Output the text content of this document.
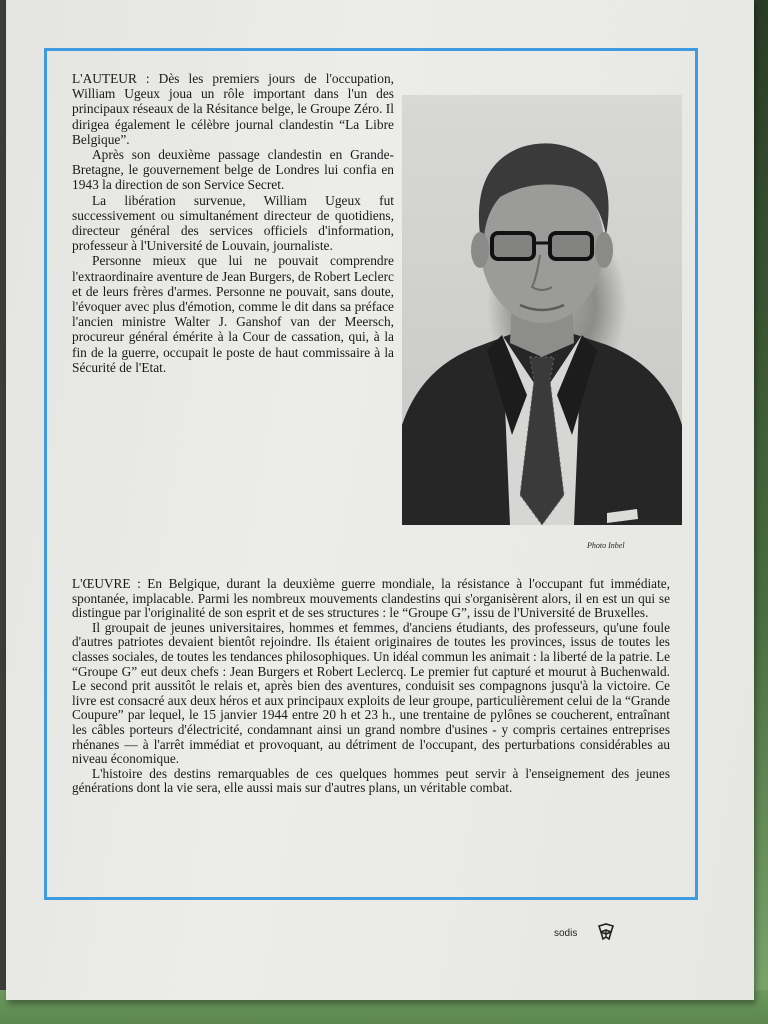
L'AUTEUR : Dès les premiers jours de l'occupation, William Ugeux joua un rôle important dans l'un des principaux réseaux de la Résitance belge, le Groupe Zéro. Il dirigea également le célèbre journal clandestin “La Libre Belgique”.

Après son deuxième passage clandestin en Grande-Bretagne, le gouvernement belge de Londres lui confia en 1943 la direction de son Service Secret.

La libération survenue, William Ugeux fut successivement ou simultanément directeur de quotidiens, directeur général des services officiels d'information, professeur à l'Université de Louvain, journaliste.

Personne mieux que lui ne pouvait comprendre l'extraordinaire aventure de Jean Burgers, de Robert Leclerc et de leurs frères d'armes. Personne ne pouvait, sans doute, l'évoquer avec plus d'émotion, comme le dit dans sa préface l'ancien ministre Walter J. Ganshof van der Meersch, procureur général émérite à la Cour de cassation, qui, à la fin de la guerre, occupait le poste de haut commissaire à la Sécurité de l'Etat.

Photo Inbel

L'ŒUVRE : En Belgique, durant la deuxième guerre mondiale, la résistance à l'occupant fut immédiate, spontanée, implacable. Parmi les nombreux mouvements clandestins qui s'organisèrent alors, il en est un qui se distingue par l'originalité de son esprit et de ses structures : le “Groupe G”, issu de l'Université de Bruxelles.

Il groupait de jeunes universitaires, hommes et femmes, d'anciens étudiants, des professeurs, qu'une foule d'autres patriotes devaient bientôt rejoindre. Ils étaient originaires de toutes les provinces, issus de toutes les classes sociales, de toutes les tendances philosophiques. Un idéal commun les animait : la liberté de la patrie. Le “Groupe G” eut deux chefs : Jean Burgers et Robert Leclercq. Le premier fut capturé et mourut à Buchenwald. Le second prit aussitôt le relais et, après bien des aventures, conduisit ses compagnons jusqu'à la victoire. Ce livre est consacré aux deux héros et aux principaux exploits de leur groupe, particulièrement celui de la “Grande Coupure” par lequel, le 15 janvier 1944 entre 20 h et 23 h., une trentaine de pylônes se coucherent, entraînant les câbles porteurs d'électricité, condamnant ainsi un grand nombre d'usines - y compris certaines entreprises rhénanes — à l'arrêt immédiat et provoquant, au détriment de l'occupant, des perturbations considérables au niveau économique.

L'histoire des destins remarquables de ces quelques hommes peut servir à l'enseignement des jeunes générations dont la vie sera, elle aussi mais sur d'autres plans, un véritable combat.

sodis
